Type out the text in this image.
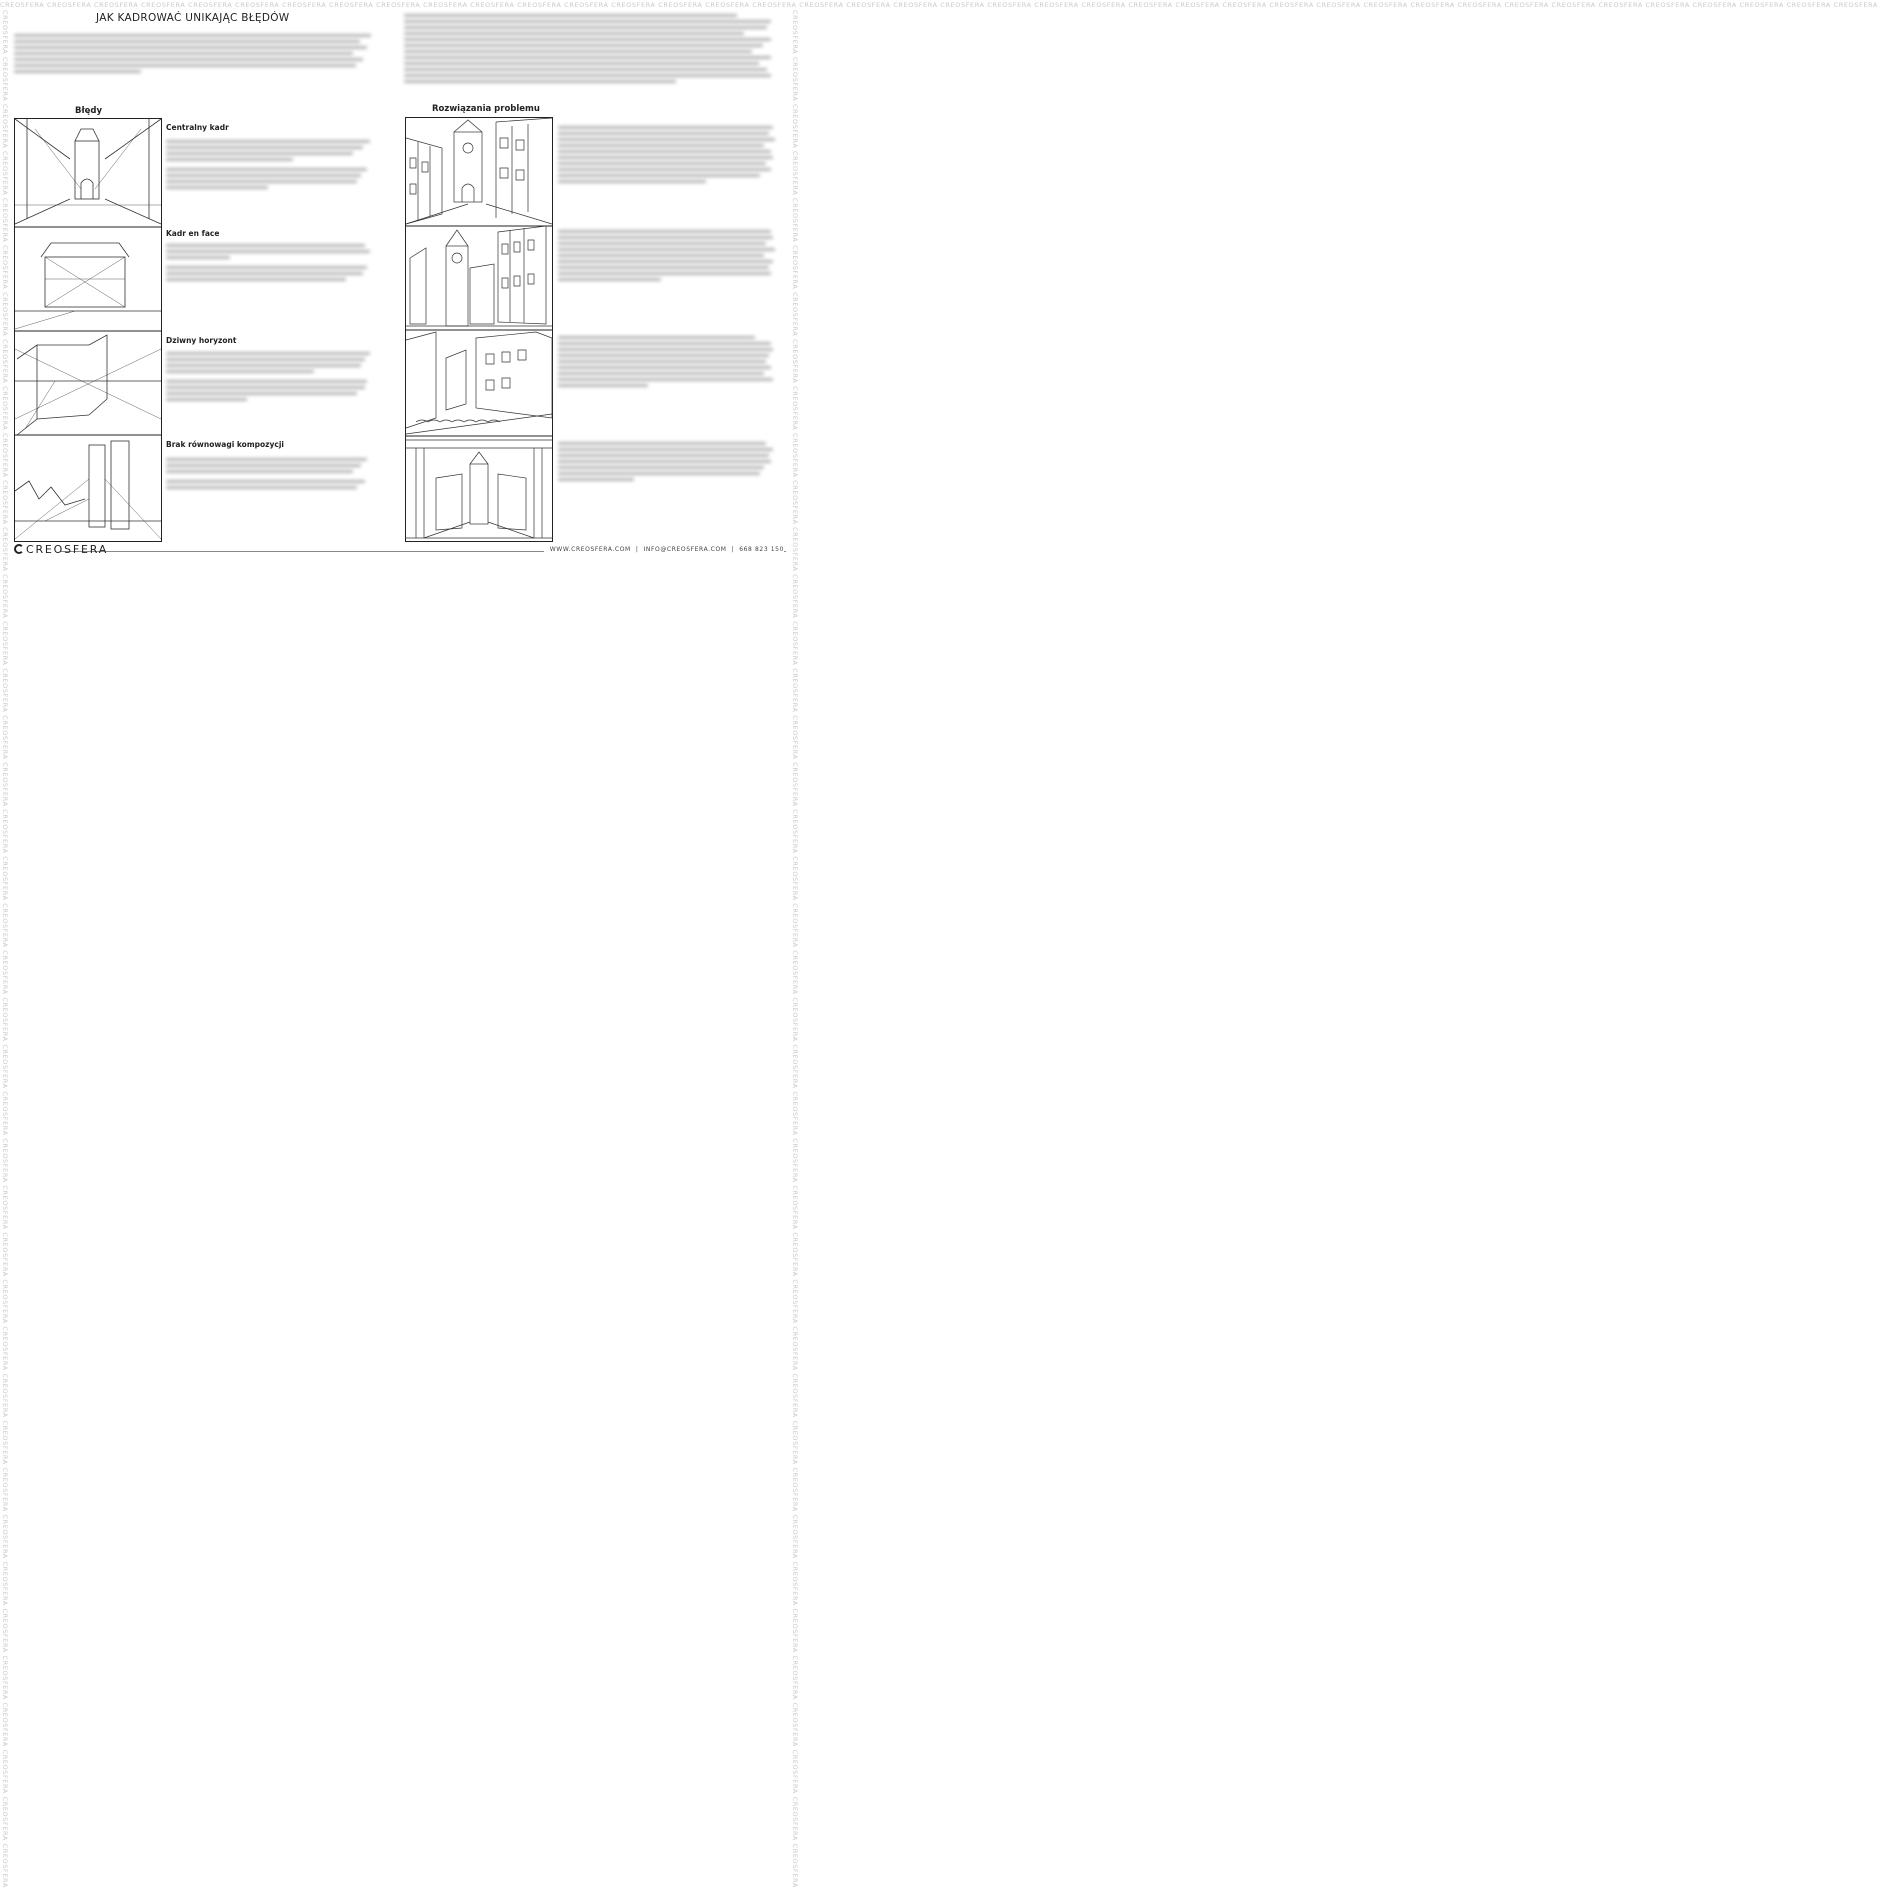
CREOSFERA CREOSFERA CREOSFERA CREOSFERA CREOSFERA CREOSFERA CREOSFERA CREOSFERA CREOSFERA CREOSFERA CREOSFERA CREOSFERA CREOSFERA CREOSFERA CREOSFERA CREOSFERA CREOSFERA CREOSFERA CREOSFERA CREOSFERA CREOSFERA CREOSFERA CREOSFERA CREOSFERA CREOSFERA CREOSFERA CREOSFERA CREOSFERA CREOSFERA CREOSFERA CREOSFERA CREOSFERA CREOSFERA CREOSFERA CREOSFERA CREOSFERA CREOSFERA CREOSFERA CREOSFERA CREOSFERA
CREOSFERA CREOSFERA CREOSFERA CREOSFERA CREOSFERA CREOSFERA CREOSFERA CREOSFERA CREOSFERA CREOSFERA CREOSFERA CREOSFERA CREOSFERA CREOSFERA CREOSFERA CREOSFERA CREOSFERA CREOSFERA CREOSFERA CREOSFERA CREOSFERA CREOSFERA CREOSFERA CREOSFERA CREOSFERA CREOSFERA CREOSFERA CREOSFERA CREOSFERA CREOSFERA CREOSFERA CREOSFERA CREOSFERA CREOSFERA CREOSFERA CREOSFERA CREOSFERA CREOSFERA CREOSFERA CREOSFERA	CREOSFERA CREOSFERA CREOSFERA CREOSFERA CREOSFERA CREOSFERA CREOSFERA CREOSFERA CREOSFERA CREOSFERA CREOSFERA CREOSFERA CREOSFERA CREOSFERA CREOSFERA CREOSFERA CREOSFERA CREOSFERA CREOSFERA CREOSFERA CREOSFERA CREOSFERA CREOSFERA CREOSFERA CREOSFERA CREOSFERA CREOSFERA CREOSFERA CREOSFERA CREOSFERA CREOSFERA CREOSFERA CREOSFERA CREOSFERA CREOSFERA CREOSFERA CREOSFERA CREOSFERA CREOSFERA CREOSFERA
JAK KADROWAĆ UNIKAJĄC BŁĘDÓW
Błędy	Rozwiązania problemu
Centralny kadr
Kadr en face
Dziwny horyzont
Brak równowagi kompozycji
CREOSFERA	WWW.CREOSFERA.COM  |  INFO@CREOSFERA.COM  |  668 823 150
